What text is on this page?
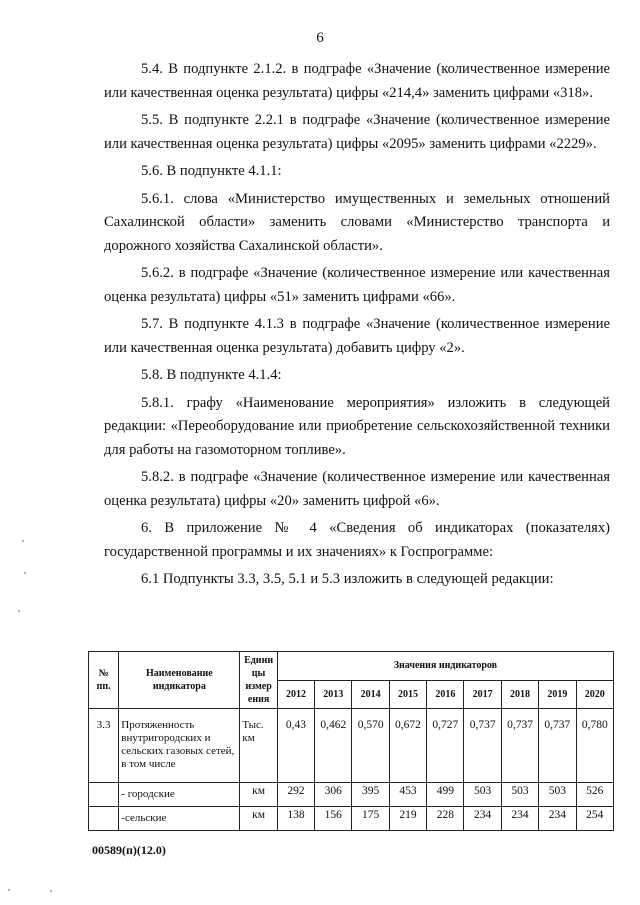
6

5.4. В подпункте 2.1.2. в подграфе «Значение (количественное измерение или качественная оценка результата) цифры «214,4» заменить цифрами «318».

5.5. В подпункте 2.2.1 в подграфе «Значение (количественное измерение или качественная оценка результата) цифры «2095» заменить цифрами «2229».

5.6. В подпункте 4.1.1:

5.6.1. слова «Министерство имущественных и земельных отношений Сахалинской области» заменить словами «Министерство транспорта и дорожного хозяйства Сахалинской области».

5.6.2. в подграфе «Значение (количественное измерение или качественная оценка результата) цифры «51» заменить цифрами «66».

5.7. В подпункте 4.1.3 в подграфе «Значение (количественное измерение или качественная оценка результата) добавить цифру «2».

5.8. В подпункте 4.1.4:

5.8.1. графу «Наименование мероприятия» изложить в следующей редакции: «Переоборудование или приобретение сельскохозяйственной техники для работы на газомоторном топливе».

5.8.2. в подграфе «Значение (количественное измерение или качественная оценка результата) цифры «20» заменить цифрой «6».

6. В приложение № 4 «Сведения об индикаторах (показателях) государственной программы и их значениях» к Госпрограмме:

6.1 Подпункты 3.3, 3.5, 5.1 и 5.3 изложить в следующей редакции:

№ пп.	Наименование индикатора	Едини цы измер ения	Значения индикаторов								
			2012	2013	2014	2015	2016	2017	2018	2019	2020
3.3	Протяженность внутригородских и сельских газовых сетей, в том числе	Тыс. км	0,43	0,462	0,570	0,672	0,727	0,737	0,737	0,737	0,780
	- городские	км	292	306	395	453	499	503	503	503	526
	-сельские	км	138	156	175	219	228	234	234	234	254
00589(п)(12.0)
